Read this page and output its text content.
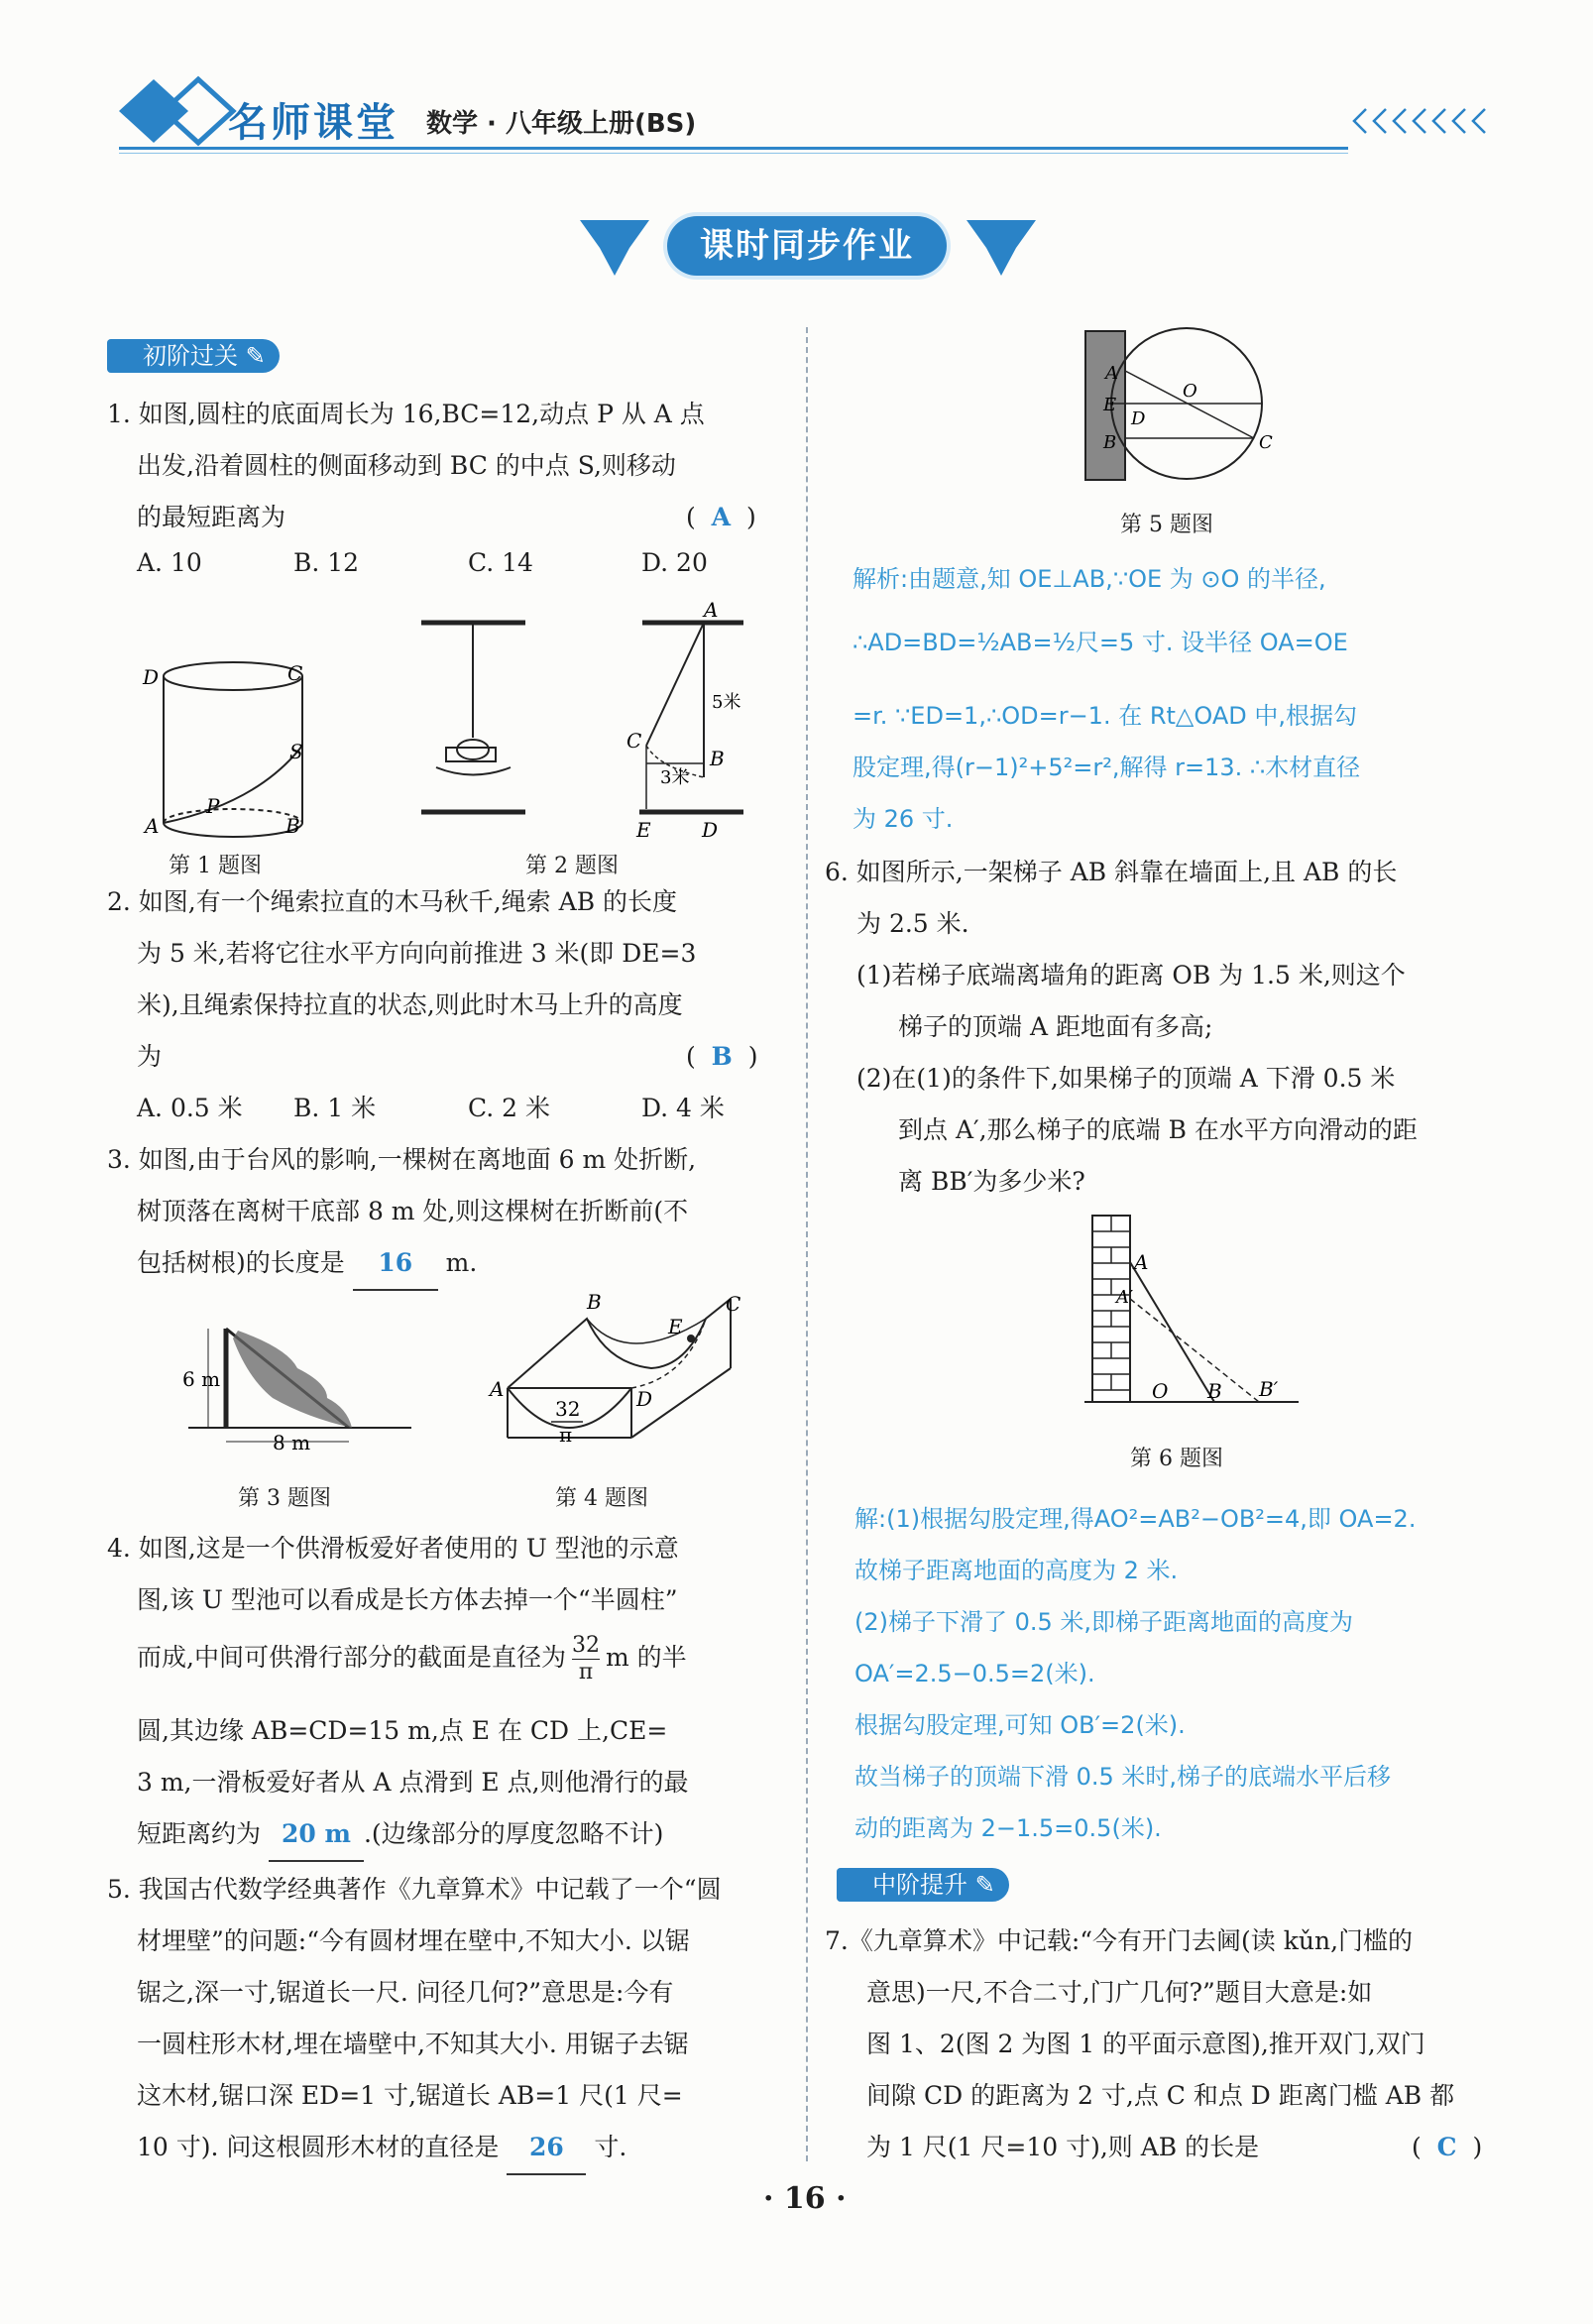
名师课堂 数学 · 八年级上册(BS)
课时同步作业
初阶过关 ✎
1. 如图,圆柱的底面周长为 16,BC=12,动点 P 从 A 点
出发,沿着圆柱的侧面移动到 BC 的中点 S,则移动
的最短距离为	(  A  )
A. 10	B. 12	C. 14	D. 20
D	C
S
P
A	B
第 1 题图
A
5米
C
B
3米
E	D
第 2 题图
2. 如图,有一个绳索拉直的木马秋千,绳索 AB 的长度
为 5 米,若将它往水平方向向前推进 3 米(即 DE=3
米),且绳索保持拉直的状态,则此时木马上升的高度
为	(  B  )
A. 0.5 米 B. 1 米	C. 2 米	D. 4 米
3. 如图,由于台风的影响,一棵树在离地面 6 m 处折断,
树顶落在离树干底部 8 m 处,则这棵树在折断前(不
包括树根)的长度是 16 m.
6 m
8 m
第 3 题图
B	C
E
A	D
32
π
第 4 题图
4. 如图,这是一个供滑板爱好者使用的 U 型池的示意
图,该 U 型池可以看成是长方体去掉一个“半圆柱”
而成,中间可供滑行部分的截面是直径为 $\frac{32}{\pi}$ m 的半
圆,其边缘 AB=CD=15 m,点 E 在 CD 上,CE=
3 m,一滑板爱好者从 A 点滑到 E 点,则他滑行的最
短距离约为 20 m .(边缘部分的厚度忽略不计)
5. 我国古代数学经典著作《九章算术》中记载了一个“圆
材埋壁”的问题:“今有圆材埋在壁中,不知大小. 以锯
锯之,深一寸,锯道长一尺. 问径几何?”意思是:今有
一圆柱形木材,埋在墙壁中,不知其大小. 用锯子去锯
这木材,锯口深 ED=1 寸,锯道长 AB=1 尺(1 尺=
10 寸). 问这根圆形木材的直径是 26 寸.
A
E
D
B
O
C
第 5 题图
解析:由题意,知 OE⊥AB,∵OE 为 ⊙O 的半径,
∴AD=BD=½AB=½尺=5 寸. 设半径 OA=OE
=r. ∵ED=1,∴OD=r−1. 在 Rt△OAD 中,根据勾
股定理,得(r−1)²+5²=r²,解得 r=13. ∴木材直径
为 26 寸.
6. 如图所示,一架梯子 AB 斜靠在墙面上,且 AB 的长
为 2.5 米.
(1)若梯子底端离墙角的距离 OB 为 1.5 米,则这个
梯子的顶端 A 距地面有多高;
(2)在(1)的条件下,如果梯子的顶端 A 下滑 0.5 米
到点 A′,那么梯子的底端 B 在水平方向滑动的距
离 BB′为多少米?
A
A′
O B B′
第 6 题图
解:(1)根据勾股定理,得AO²=AB²−OB²=4,即 OA=2.
故梯子距离地面的高度为 2 米.
(2)梯子下滑了 0.5 米,即梯子距离地面的高度为
OA′=2.5−0.5=2(米).
根据勾股定理,可知 OB′=2(米).
故当梯子的顶端下滑 0.5 米时,梯子的底端水平后移
动的距离为 2−1.5=0.5(米).
中阶提升 ✎
7.《九章算术》中记载:“今有开门去阃(读 kǔn,门槛的
意思)一尺,不合二寸,门广几何?”题目大意是:如
图 1、2(图 2 为图 1 的平面示意图),推开双门,双门
间隙 CD 的距离为 2 寸,点 C 和点 D 距离门槛 AB 都
为 1 尺(1 尺=10 寸),则 AB 的长是	(  C  )
· 16 ·
